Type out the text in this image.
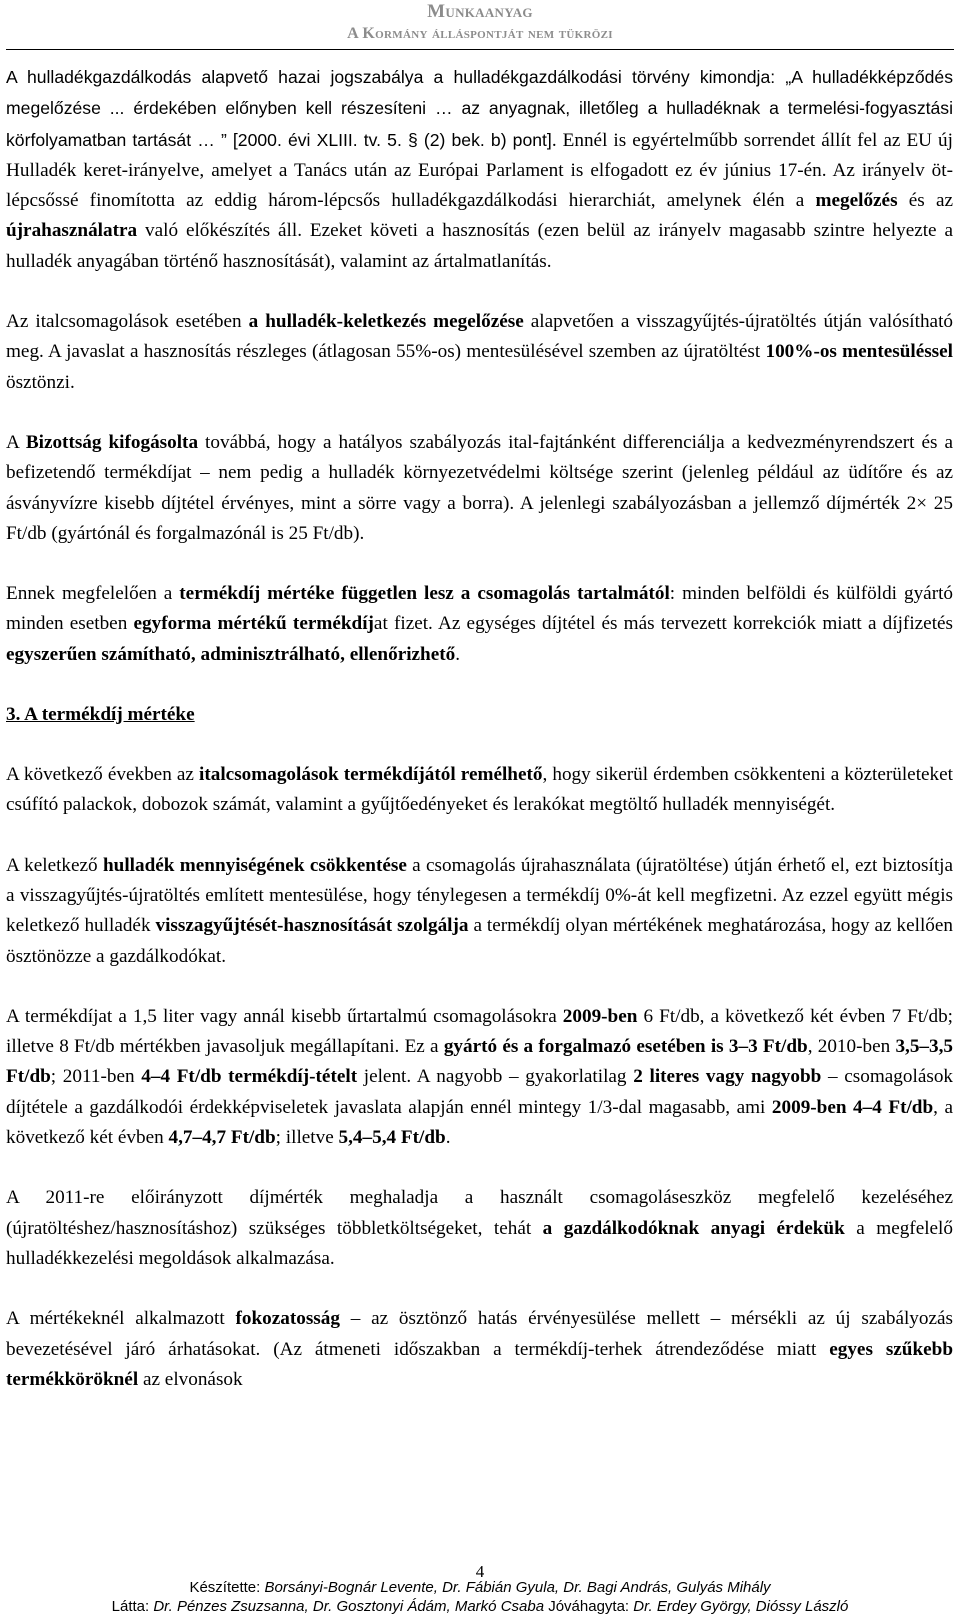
Munkaanyag
A Kormány álláspontját nem tükrözi

A hulladékgazdálkodás alapvető hazai jogszabálya a hulladékgazdálkodási törvény kimondja: „A hulladékképződés megelőzése ... érdekében előnyben kell részesíteni … az anyagnak, illetőleg a hulladéknak a termelési-fogyasztási körfolyamatban tartását … ” [2000. évi XLIII. tv. 5. § (2) bek. b) pont]. Ennél is egyértelműbb sorrendet állít fel az EU új Hulladék keret-irányelve, amelyet a Tanács után az Európai Parlament is elfogadott ez év június 17-én. Az irányelv öt-lépcsőssé finomította az eddig három-lépcsős hulladékgazdálkodási hierarchiát, amelynek élén a megelőzés és az újrahasználatra való előkészítés áll. Ezeket követi a hasznosítás (ezen belül az irányelv magasabb szintre helyezte a hulladék anyagában történő hasznosítását), valamint az ártalmatlanítás.

Az italcsomagolások esetében a hulladék-keletkezés megelőzése alapvetően a visszagyűjtés-újratöltés útján valósítható meg. A javaslat a hasznosítás részleges (átlagosan 55%-os) mentesülésével szemben az újratöltést 100%-os mentesüléssel ösztönzi.

A Bizottság kifogásolta továbbá, hogy a hatályos szabályozás ital-fajtánként differenciálja a kedvezményrendszert és a befizetendő termékdíjat – nem pedig a hulladék környezetvédelmi költsége szerint (jelenleg például az üdítőre és az ásványvízre kisebb díjtétel érvényes, mint a sörre vagy a borra). A jelenlegi szabályozásban a jellemző díjmérték 2× 25 Ft/db (gyártónál és forgalmazónál is 25 Ft/db).

Ennek megfelelően a termékdíj mértéke független lesz a csomagolás tartalmától: minden belföldi és külföldi gyártó minden esetben egyforma mértékű termékdíjat fizet. Az egységes díjtétel és más tervezett korrekciók miatt a díjfizetés egyszerűen számítható, adminisztrálható, ellenőrizhető.

3. A termékdíj mértéke

A következő években az italcsomagolások termékdíjától remélhető, hogy sikerül érdemben csökkenteni a közterületeket csúfító palackok, dobozok számát, valamint a gyűjtőedényeket és lerakókat megtöltő hulladék mennyiségét.

A keletkező hulladék mennyiségének csökkentése a csomagolás újrahasználata (újratöltése) útján érhető el, ezt biztosítja a visszagyűjtés-újratöltés említett mentesülése, hogy ténylegesen a termékdíj 0%-át kell megfizetni. Az ezzel együtt mégis keletkező hulladék visszagyűjtését-hasznosítását szolgálja a termékdíj olyan mértékének meghatározása, hogy az kellően ösztönözze a gazdálkodókat.

A termékdíjat a 1,5 liter vagy annál kisebb űrtartalmú csomagolásokra 2009-ben 6 Ft/db, a következő két évben 7 Ft/db; illetve 8 Ft/db mértékben javasoljuk megállapítani. Ez a gyártó és a forgalmazó esetében is 3–3 Ft/db, 2010-ben 3,5–3,5 Ft/db; 2011-ben 4–4 Ft/db termékdíj-tételt jelent. A nagyobb – gyakorlatilag 2 literes vagy nagyobb – csomagolások díjtétele a gazdálkodói érdekképviseletek javaslata alapján ennél mintegy 1/3-dal magasabb, ami 2009-ben 4–4 Ft/db, a következő két évben 4,7–4,7 Ft/db; illetve 5,4–5,4 Ft/db.

A 2011-re előirányzott díjmérték meghaladja a használt csomagoláseszköz megfelelő kezeléséhez (újratöltéshez/hasznosításhoz) szükséges többletköltségeket, tehát a gazdálkodóknak anyagi érdekük a megfelelő hulladékkezelési megoldások alkalmazása.

A mértékeknél alkalmazott fokozatosság – az ösztönző hatás érvényesülése mellett – mérsékli az új szabályozás bevezetésével járó árhatásokat. (Az átmeneti időszakban a termékdíj-terhek átrendeződése miatt egyes szűkebb termékköröknél az elvonások

4
Készítette: Borsányi-Bognár Levente, Dr. Fábián Gyula, Dr. Bagi András, Gulyás Mihály
Látta: Dr. Pénzes Zsuzsanna, Dr. Gosztonyi Ádám, Markó Csaba Jóváhagyta: Dr. Erdey György, Dióssy László
